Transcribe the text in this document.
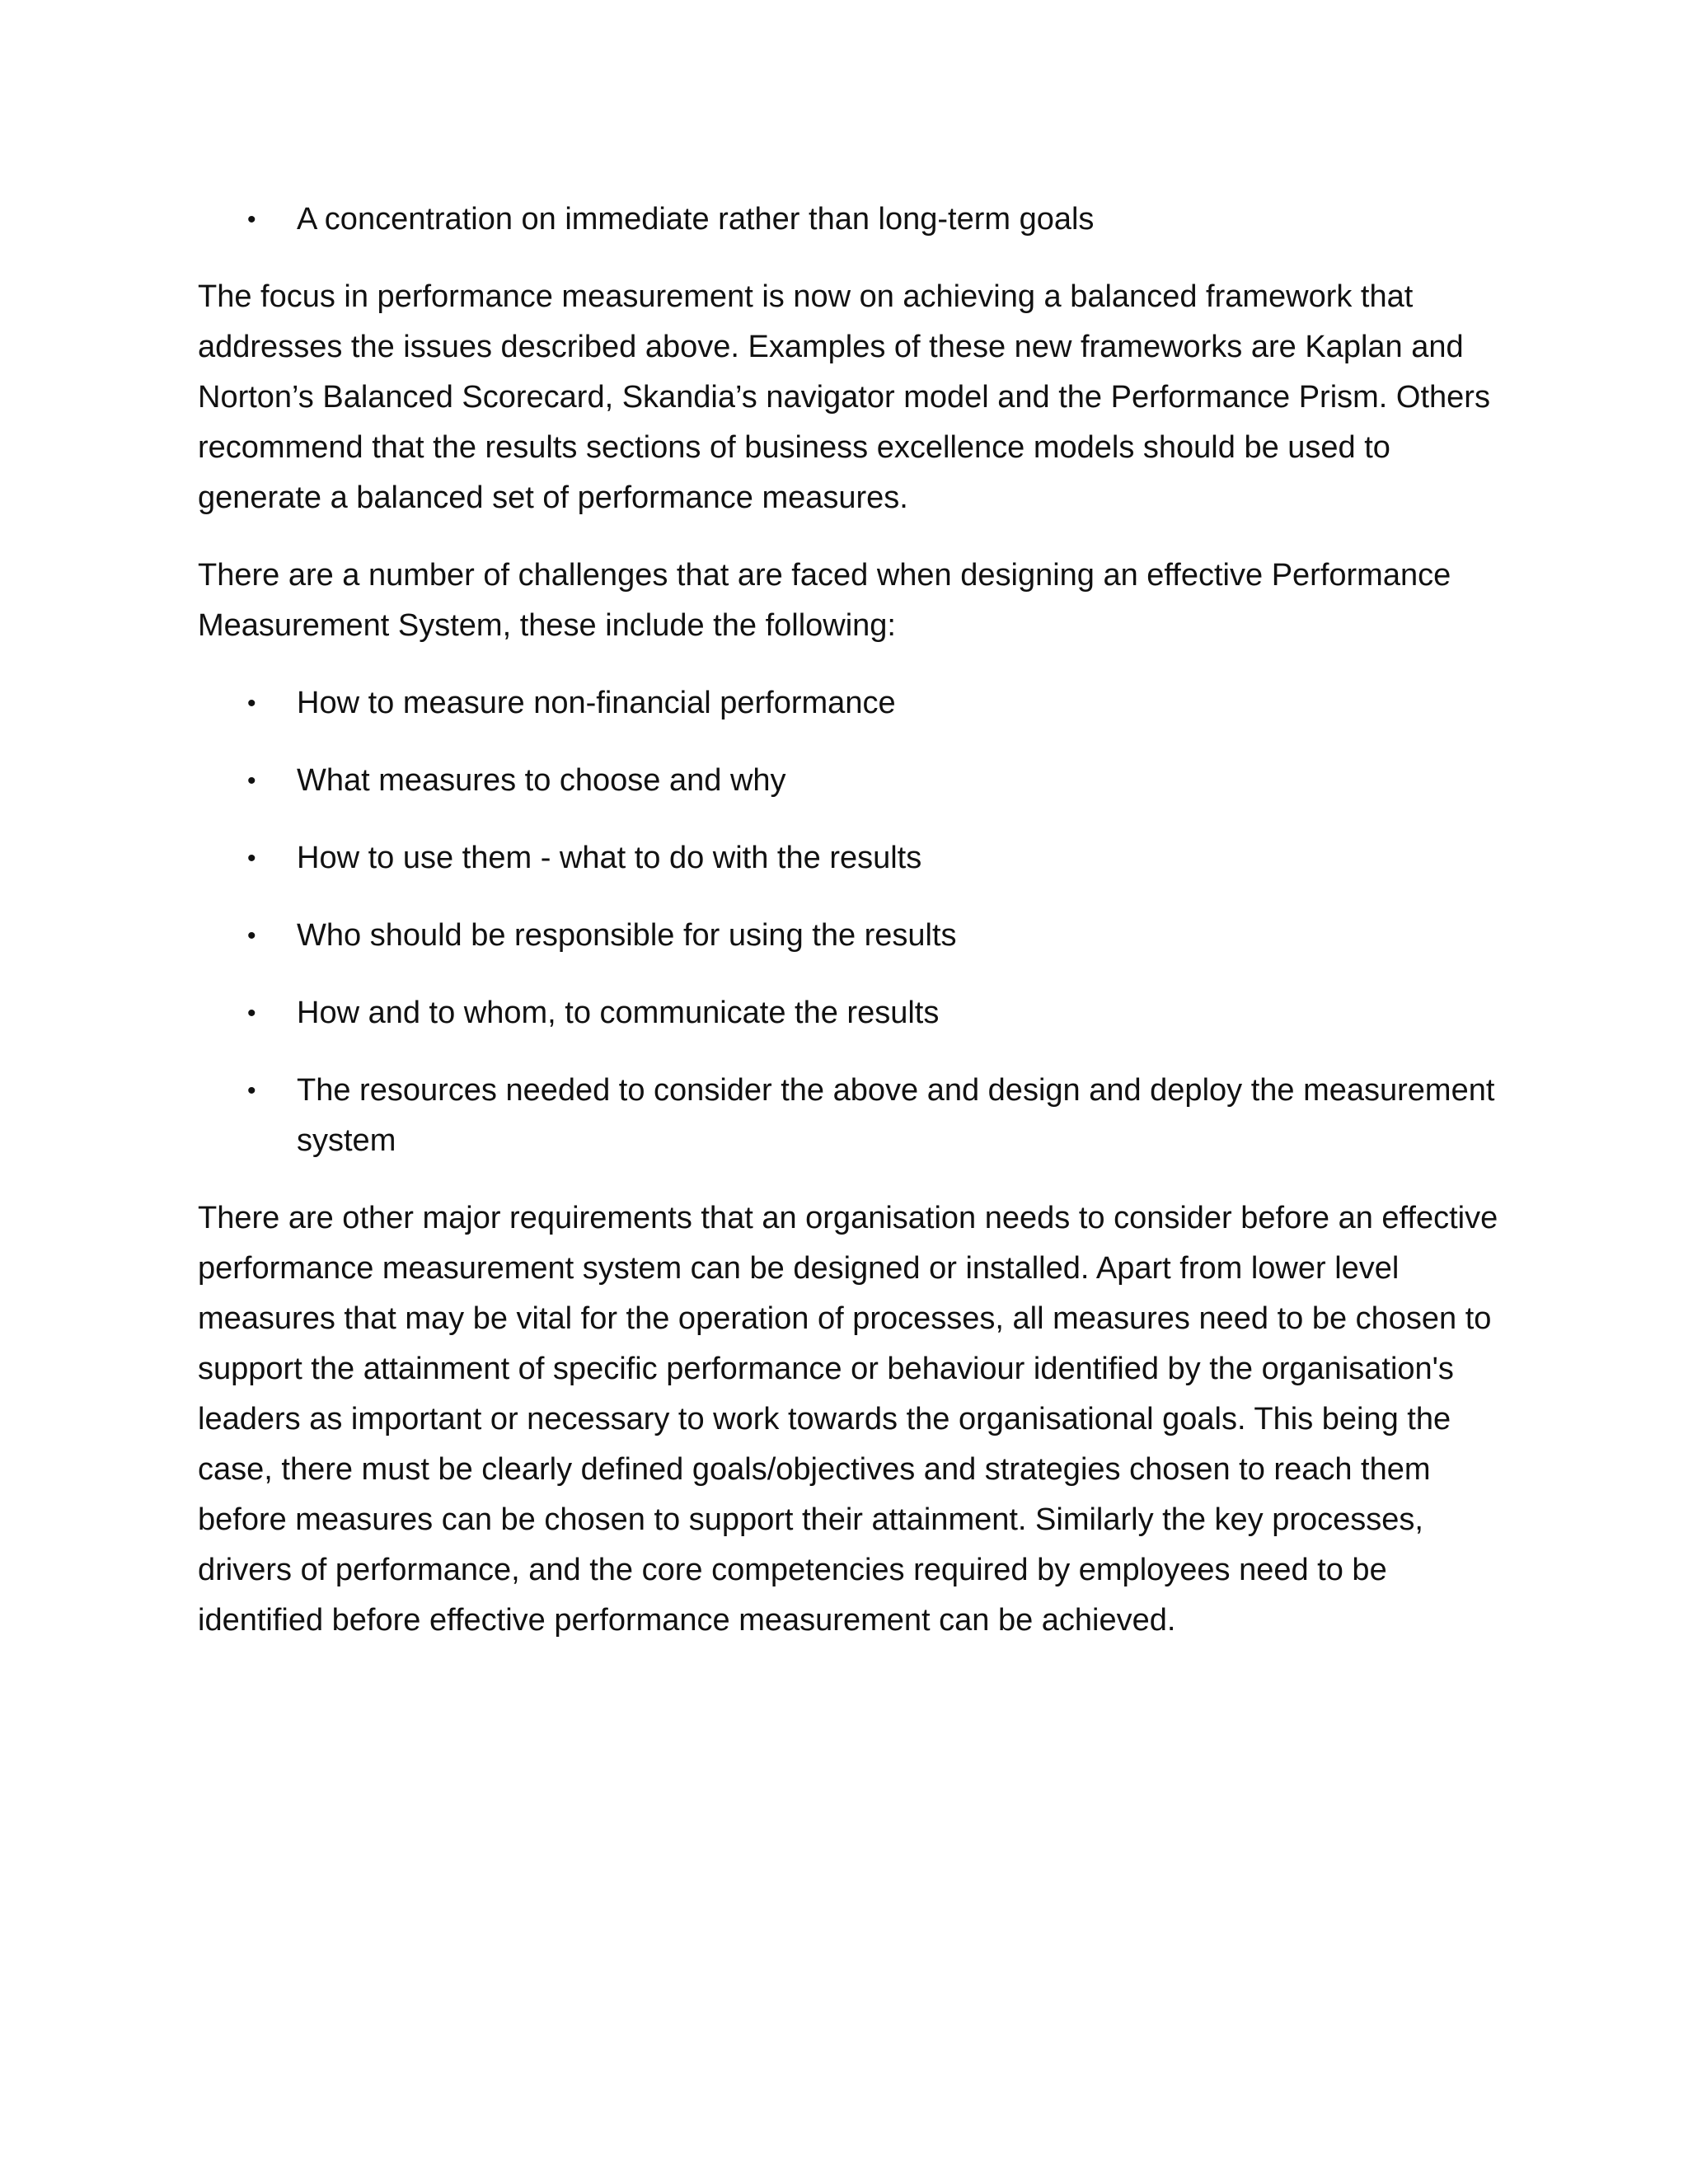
• A concentration on immediate rather than long-term goals

The focus in performance measurement is now on achieving a balanced framework that addresses the issues described above. Examples of these new frameworks are Kaplan and Norton’s Balanced Scorecard, Skandia’s navigator model and the Performance Prism. Others recommend that the results sections of business excellence models should be used to generate a balanced set of performance measures.

There are a number of challenges that are faced when designing an effective Performance Measurement System, these include the following:

• How to measure non-financial performance
• What measures to choose and why
• How to use them - what to do with the results
• Who should be responsible for using the results
• How and to whom, to communicate the results
• The resources needed to consider the above and design and deploy the measurement system

There are other major requirements that an organisation needs to consider before an effective performance measurement system can be designed or installed. Apart from lower level measures that may be vital for the operation of processes, all measures need to be chosen to support the attainment of specific performance or behaviour identified by the organisation's leaders as important or necessary to work towards the organisational goals. This being the case, there must be clearly defined goals/objectives and strategies chosen to reach them before measures can be chosen to support their attainment. Similarly the key processes, drivers of performance, and the core competencies required by employees need to be identified before effective performance measurement can be achieved.
